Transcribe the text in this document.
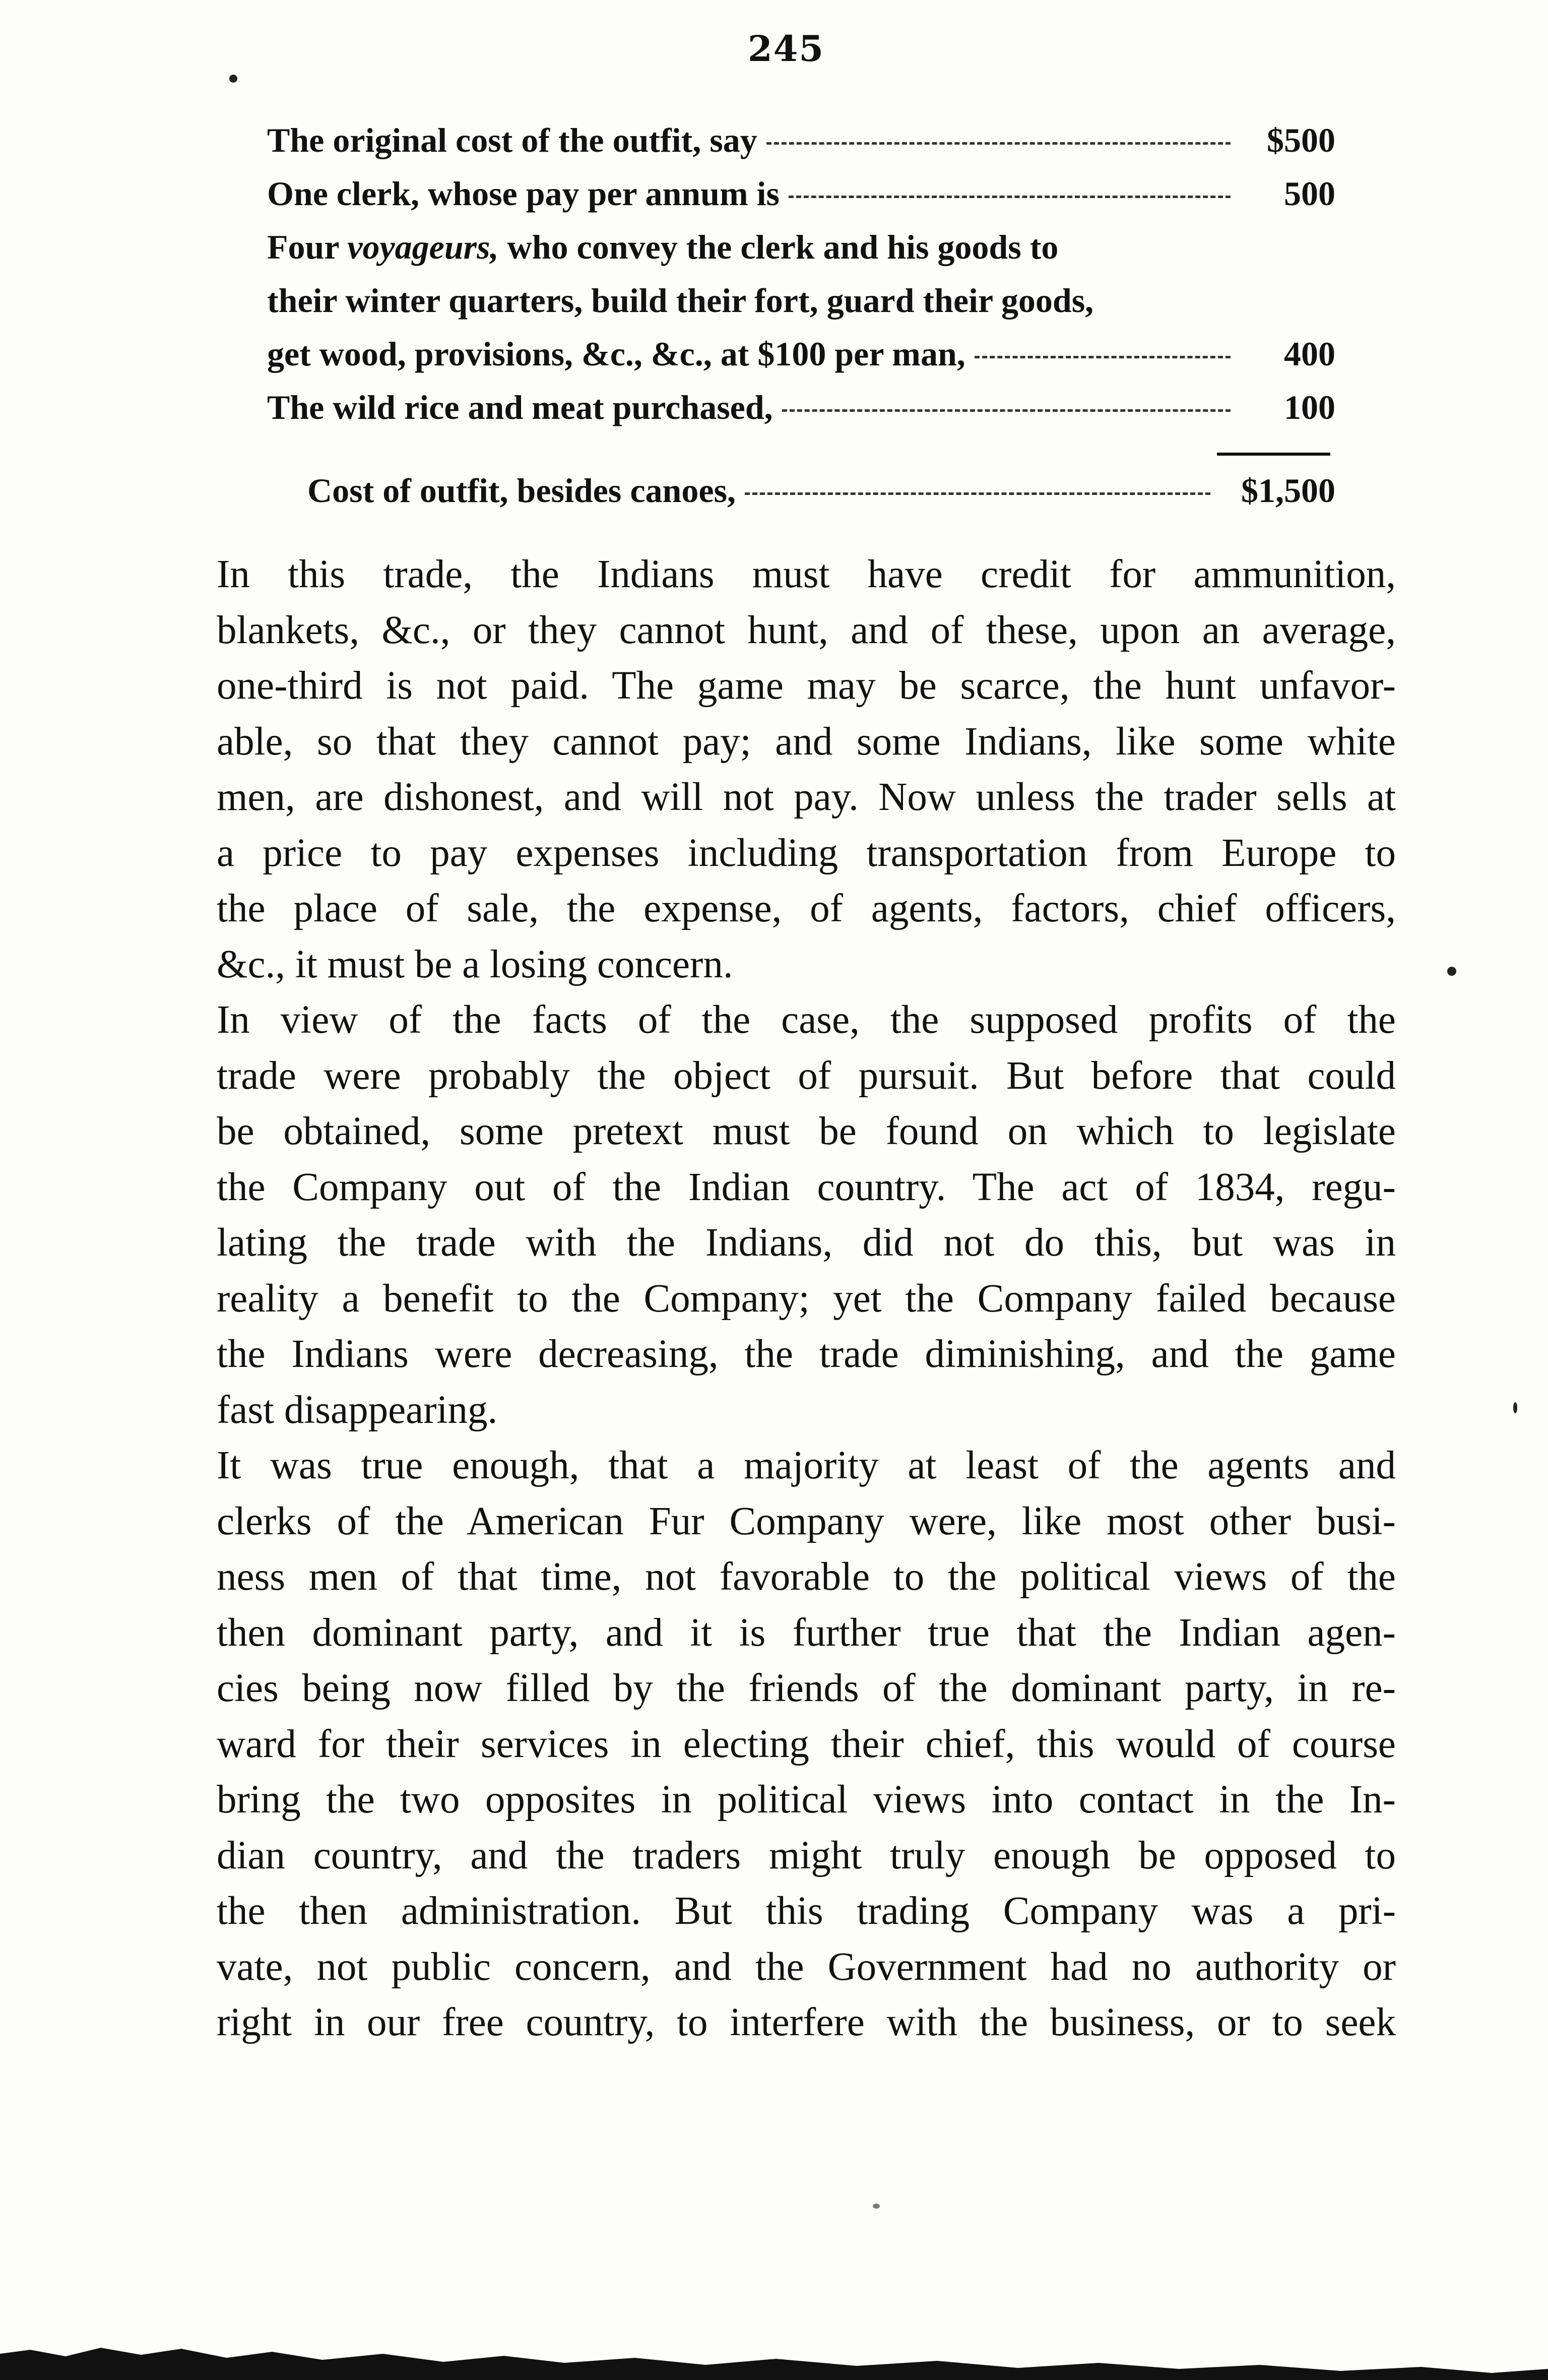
245
The original cost of the outfit, say	$500
One clerk, whose pay per annum is	500
Four voyageurs, who convey the clerk and his goods to
their winter quarters, build their fort, guard their goods,
get wood, provisions, &c., &c., at $100 per man,	400
The wild rice and meat purchased,	100
Cost of outfit, besides canoes,	$1,500
In this trade, the Indians must have credit for ammunition,
blankets, &c., or they cannot hunt, and of these, upon an average,
one-third is not paid. The game may be scarce, the hunt unfavor-
able, so that they cannot pay; and some Indians, like some white
men, are dishonest, and will not pay. Now unless the trader sells at
a price to pay expenses including transportation from Europe to
the place of sale, the expense, of agents, factors, chief officers,
&c., it must be a losing concern.
In view of the facts of the case, the supposed profits of the
trade were probably the object of pursuit. But before that could
be obtained, some pretext must be found on which to legislate
the Company out of the Indian country. The act of 1834, regu-
lating the trade with the Indians, did not do this, but was in
reality a benefit to the Company; yet the Company failed because
the Indians were decreasing, the trade diminishing, and the game
fast disappearing.
It was true enough, that a majority at least of the agents and
clerks of the American Fur Company were, like most other busi-
ness men of that time, not favorable to the political views of the
then dominant party, and it is further true that the Indian agen-
cies being now filled by the friends of the dominant party, in re-
ward for their services in electing their chief, this would of course
bring the two opposites in political views into contact in the In-
dian country, and the traders might truly enough be opposed to
the then administration. But this trading Company was a pri-
vate, not public concern, and the Government had no authority or
right in our free country, to interfere with the business, or to seek
